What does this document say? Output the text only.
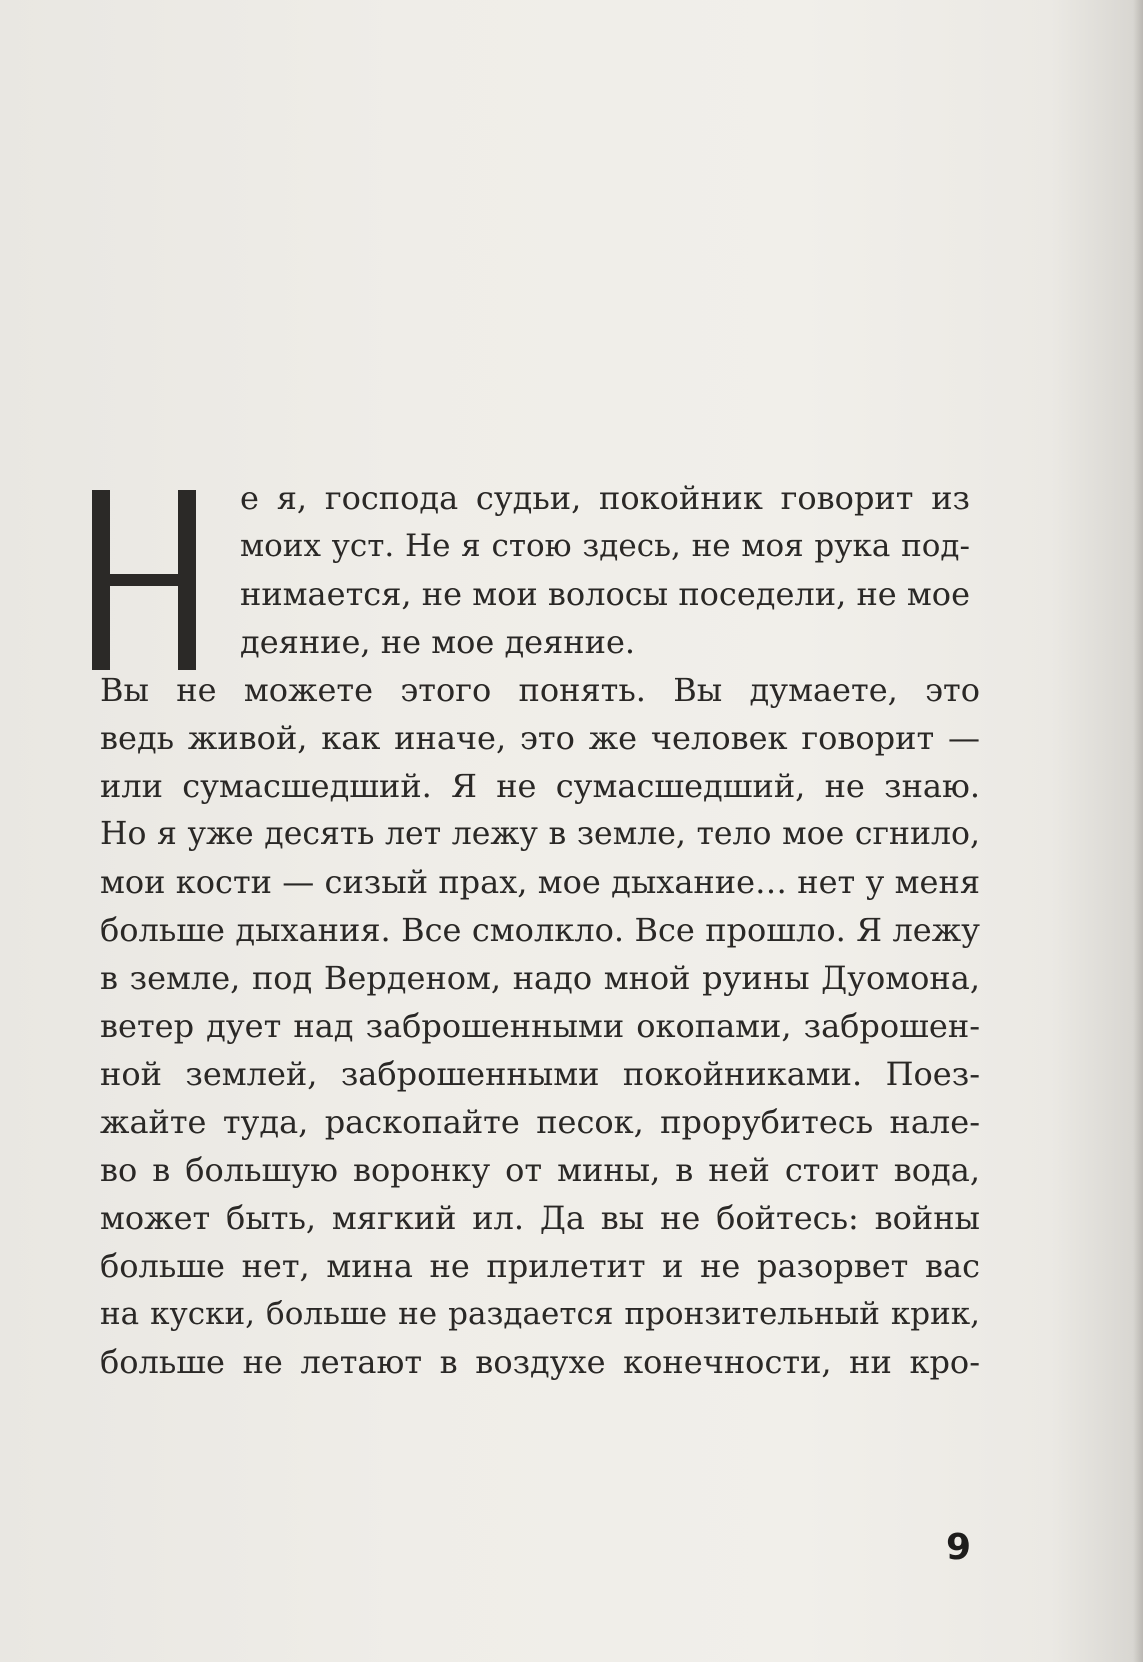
е я, господа судьи, покойник говорит из
моих уст. Не я стою здесь, не моя рука под-
нимается, не мои волосы поседели, не мое
деяние, не мое деяние.
Вы не можете этого понять. Вы думаете, это
ведь живой, как иначе, это же человек говорит —
или сумасшедший. Я не сумасшедший, не знаю.
Но я уже десять лет лежу в земле, тело мое сгнило,
мои кости — сизый прах, мое дыхание… нет у меня
больше дыхания. Все смолкло. Все прошло. Я лежу
в земле, под Верденом, надо мной руины Дуомона,
ветер дует над заброшенными окопами, заброшен-
ной землей, заброшенными покойниками. Поез-
жайте туда, раскопайте песок, прорубитесь нале-
во в большую воронку от мины, в ней стоит вода,
может быть, мягкий ил. Да вы не бойтесь: войны
больше нет, мина не прилетит и не разорвет вас
на куски, больше не раздается пронзительный крик,
больше не летают в воздухе конечности, ни кро-
9
